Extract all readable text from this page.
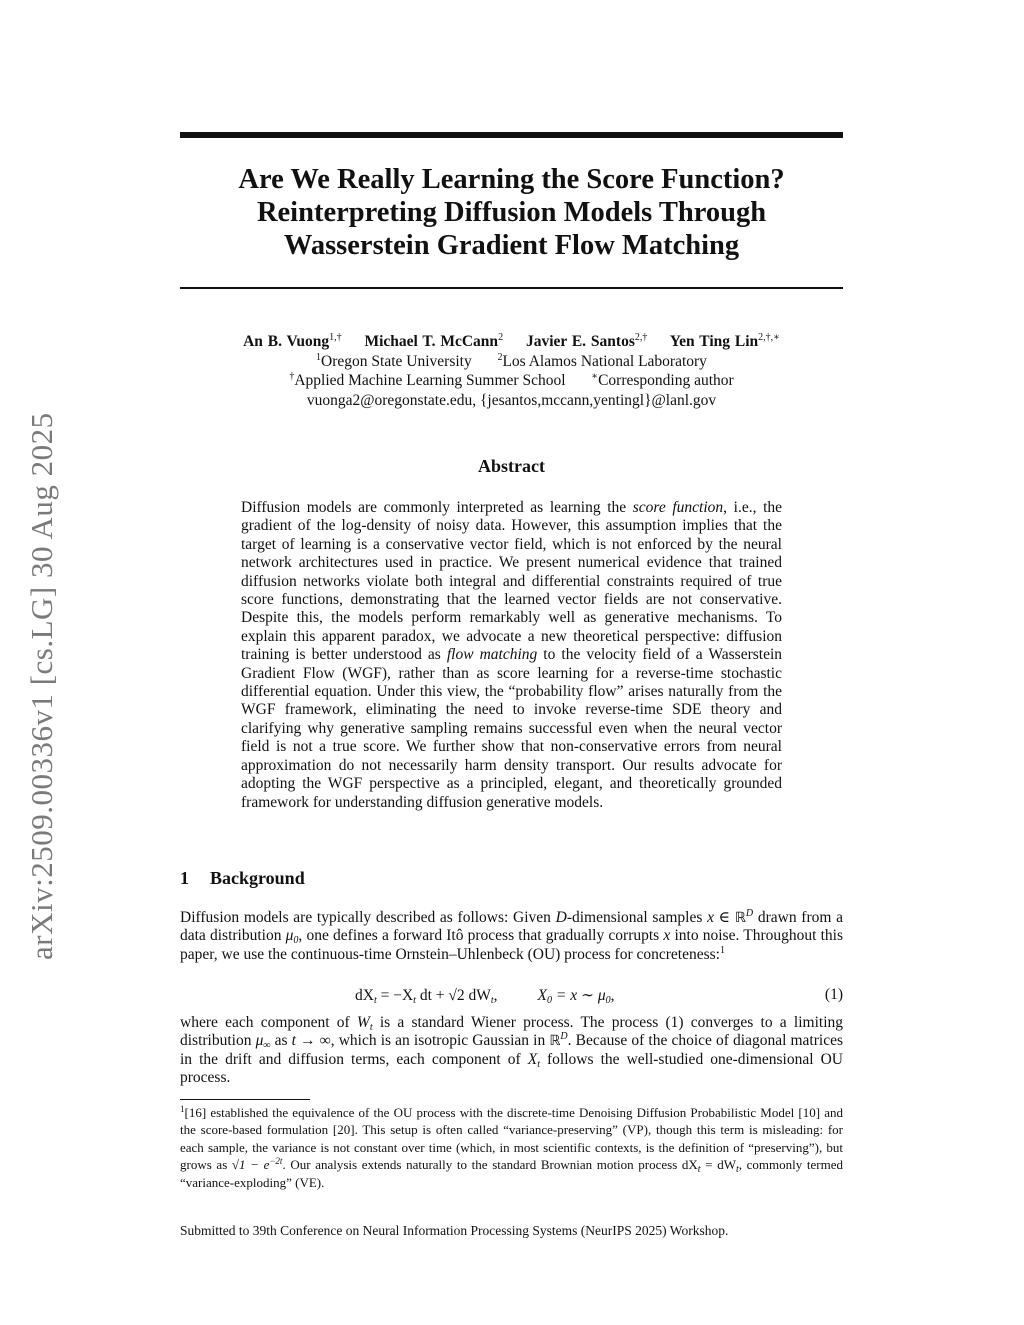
arXiv:2509.00336v1 [cs.LG] 30 Aug 2025
Are We Really Learning the Score Function?
Reinterpreting Diffusion Models Through
Wasserstein Gradient Flow Matching
An B. Vuong$^{1,\dagger}$ Michael T. McCann$^2$ Javier E. Santos$^{2,\dagger}$ Yen Ting Lin$^{2,\dagger,∗}$
$^1$Oregon State University	$^2$Los Alamos National Laboratory
†Applied Machine Learning Summer School	∗Corresponding author
vuonga2@oregonstate.edu, {jesantos,mccann,yentingl}@lanl.gov
Abstract
Diffusion models are commonly interpreted as learning the score function, i.e., the gradient of the log-density of noisy data. However, this assumption implies that the target of learning is a conservative vector field, which is not enforced by the neural network architectures used in practice. We present numerical evidence that trained diffusion networks violate both integral and differential constraints required of true score functions, demonstrating that the learned vector fields are not conservative. Despite this, the models perform remarkably well as generative mechanisms. To explain this apparent paradox, we advocate a new theoretical perspective: diffusion training is better understood as flow matching to the velocity field of a Wasserstein Gradient Flow (WGF), rather than as score learning for a reverse-time stochastic differential equation. Under this view, the “probability flow” arises naturally from the WGF framework, eliminating the need to invoke reverse-time SDE theory and clarifying why generative sampling remains successful even when the neural vector field is not a true score. We further show that non-conservative errors from neural approximation do not necessarily harm density transport. Our results advocate for adopting the WGF perspective as a principled, elegant, and theoretically grounded framework for understanding diffusion generative models.
1 Background
Diffusion models are typically described as follows: Given D-dimensional samples x ∈ ℝ$^D$ drawn from a data distribution $\mu_0$, one defines a forward Itô process that gradually corrupts x into noise. Throughout this paper, we use the continuous-time Ornstein–Uhlenbeck (OU) process for concreteness:$^1$
$dX_t = -X_t$ dt + √2 $dW_t$,	$X_0 = x$ ∼ $\mu_0$,	(1)
where each component of $W_t$ is a standard Wiener process. The process (1) converges to a limiting distribution $\mu_\infty$ as t → ∞, which is an isotropic Gaussian in ℝ$^D$. Because of the choice of diagonal matrices in the drift and diffusion terms, each component of $X_t$ follows the well-studied one-dimensional OU process.
$^1$[16] established the equivalence of the OU process with the discrete-time Denoising Diffusion Probabilistic Model [10] and the score-based formulation [20]. This setup is often called “variance-preserving” (VP), though this term is misleading: for each sample, the variance is not constant over time (which, in most scientific contexts, is the definition of “preserving”), but grows as $√1 - e^{-2t}$. Our analysis extends naturally to the standard Brownian motion process $dX_t = dW_t$, commonly termed “variance-exploding” (VE).
Submitted to 39th Conference on Neural Information Processing Systems (NeurIPS 2025) Workshop.
